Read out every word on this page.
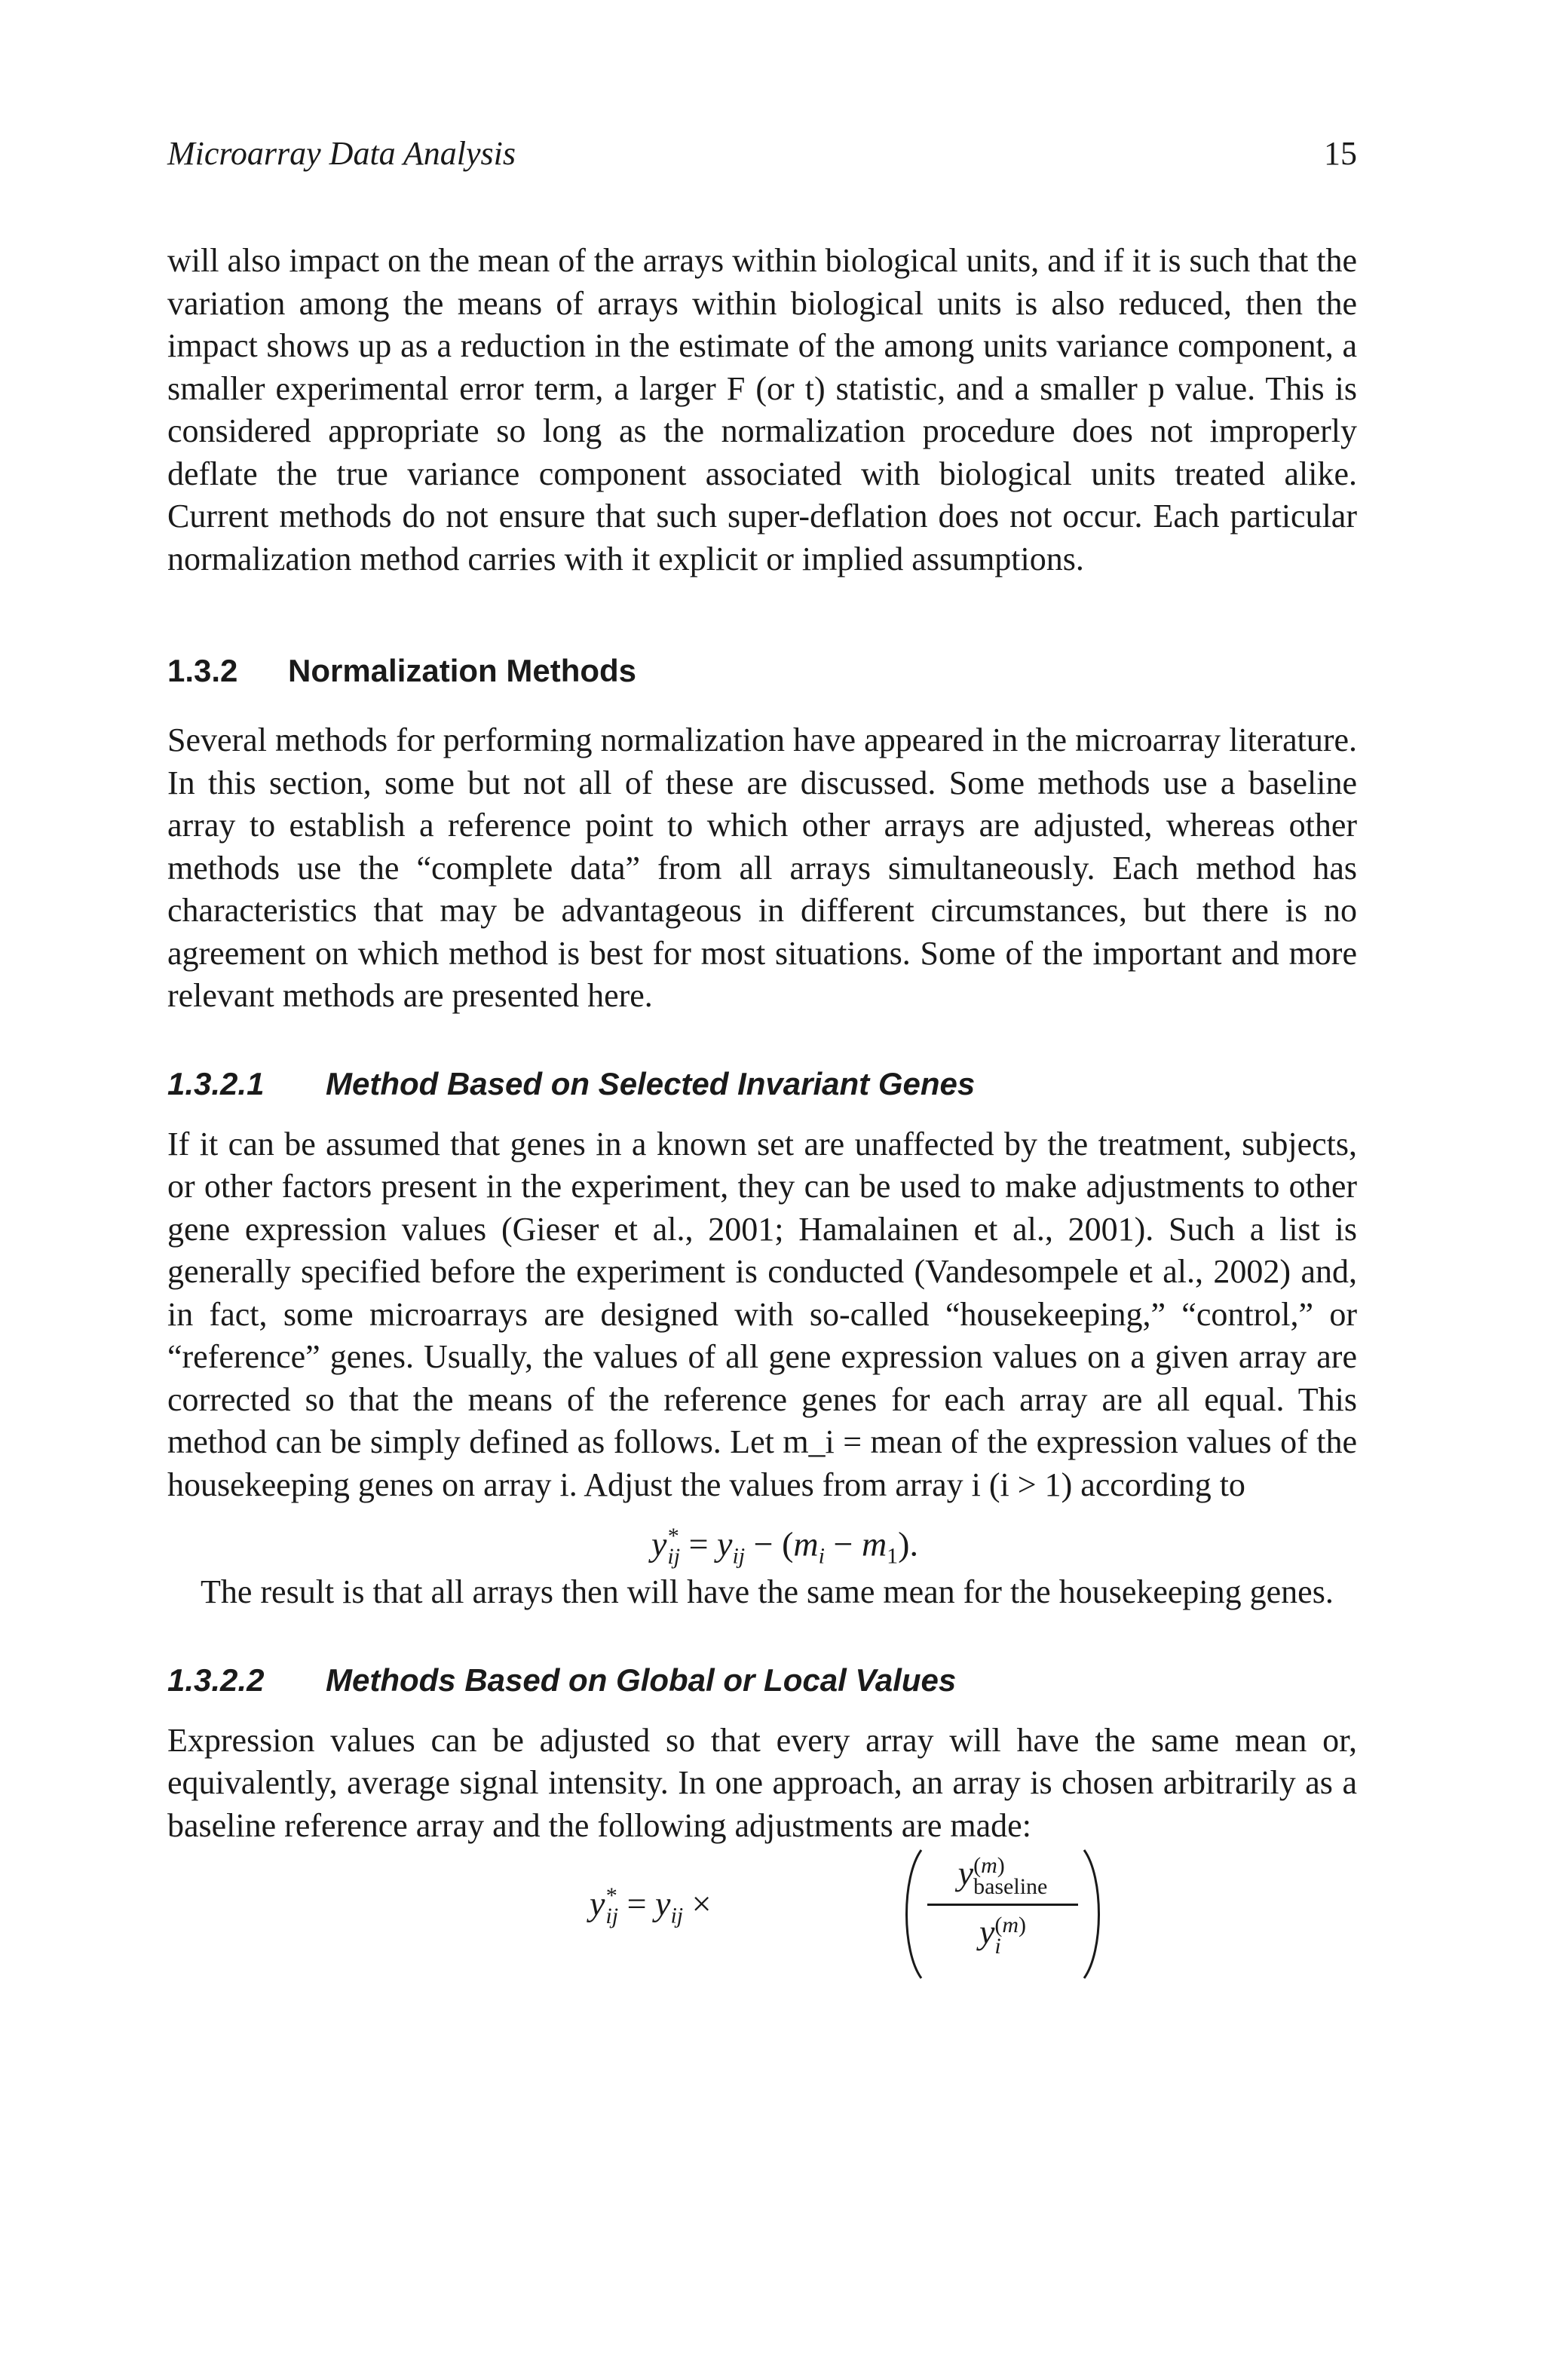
Microarray Data Analysis	15

will also impact on the mean of the arrays within biological units, and if it is such that the variation among the means of arrays within biological units is also reduced, then the impact shows up as a reduction in the estimate of the among units variance component, a smaller experimental error term, a larger F (or t) statistic, and a smaller p value. This is considered appropriate so long as the normalization procedure does not improperly deflate the true variance component associated with biological units treated alike. Current methods do not ensure that such super-deflation does not occur. Each particular normalization method carries with it explicit or implied assumptions.

1.3.2 Normalization Methods

Several methods for performing normalization have appeared in the microarray literature. In this section, some but not all of these are discussed. Some methods use a baseline array to establish a reference point to which other arrays are adjusted, whereas other methods use the “complete data” from all arrays simultaneously. Each method has characteristics that may be advantageous in different circumstances, but there is no agreement on which method is best for most situations. Some of the important and more relevant methods are presented here.

1.3.2.1 Method Based on Selected Invariant Genes

If it can be assumed that genes in a known set are unaffected by the treatment, subjects, or other factors present in the experiment, they can be used to make adjustments to other gene expression values (Gieser et al., 2001; Hamalainen et al., 2001). Such a list is generally specified before the experiment is conducted (Vandesompele et al., 2002) and, in fact, some microarrays are designed with so-called “housekeeping,” “control,” or “reference” genes. Usually, the values of all gene expression values on a given array are corrected so that the means of the reference genes for each array are all equal. This method can be simply defined as follows. Let m_i = mean of the expression values of the housekeeping genes on array i. Adjust the values from array i (i > 1) according to

$y^*_{ij} = y_{ij} - (m_i - m_1)$.

The result is that all arrays then will have the same mean for the housekeeping genes.

1.3.2.2 Methods Based on Global or Local Values

Expression values can be adjusted so that every array will have the same mean or, equivalently, average signal intensity. In one approach, an array is chosen arbitrarily as a baseline reference array and the following adjustments are made:

$y^*_{ij} = y_{ij}$ ×
y (m)
baseline
y (m)
i
